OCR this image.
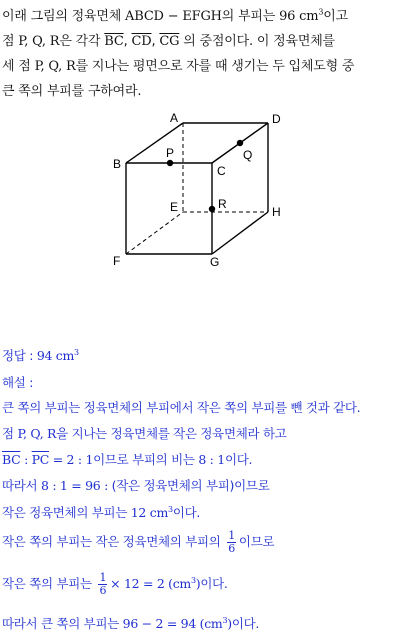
이래 그림의 정육면체 ABCD − EFGH의 부피는 96 $cm^3$이고
점 P, Q, R은 각각 $\overline{BC}$, $\overline{CD}$, $\overline{CG}$ 의 중점이다. 이 정육면체를
세 점 P, Q, R를 지나는 평면으로 자를 때 생기는 두 입체도형 중
큰 쪽의 부피를 구하여라.
A
B	C
D
E
F	G
H
P	Q
R
정답 : 94 $cm^3$
해설 :
큰 쪽의 부피는 정육면체의 부피에서 작은 쪽의 부피를 뺀 것과 같다.
점 P, Q, R을 지나는 정육면체를 작은 정육면체라 하고
$\overline{BC}$ : $\overline{PC} = 2$ : 1이므로 부피의 비는 8 : 1이다.
따라서 8 : 1 = 96 : (작은 정육면체의 부피)이므로
작은 정육면체의 부피는 12 $cm^3$이다.
작은 쪽의 부피는 작은 정육면체의 부피의 $\frac{1}{6}$ 이므로
작은 쪽의 부피는 $\frac{1}{6} \times 12 = 2$ $(cm^3)$이다.
따라서 큰 쪽의 부피는 96 − 2 = 94 $(cm^3)$이다.
